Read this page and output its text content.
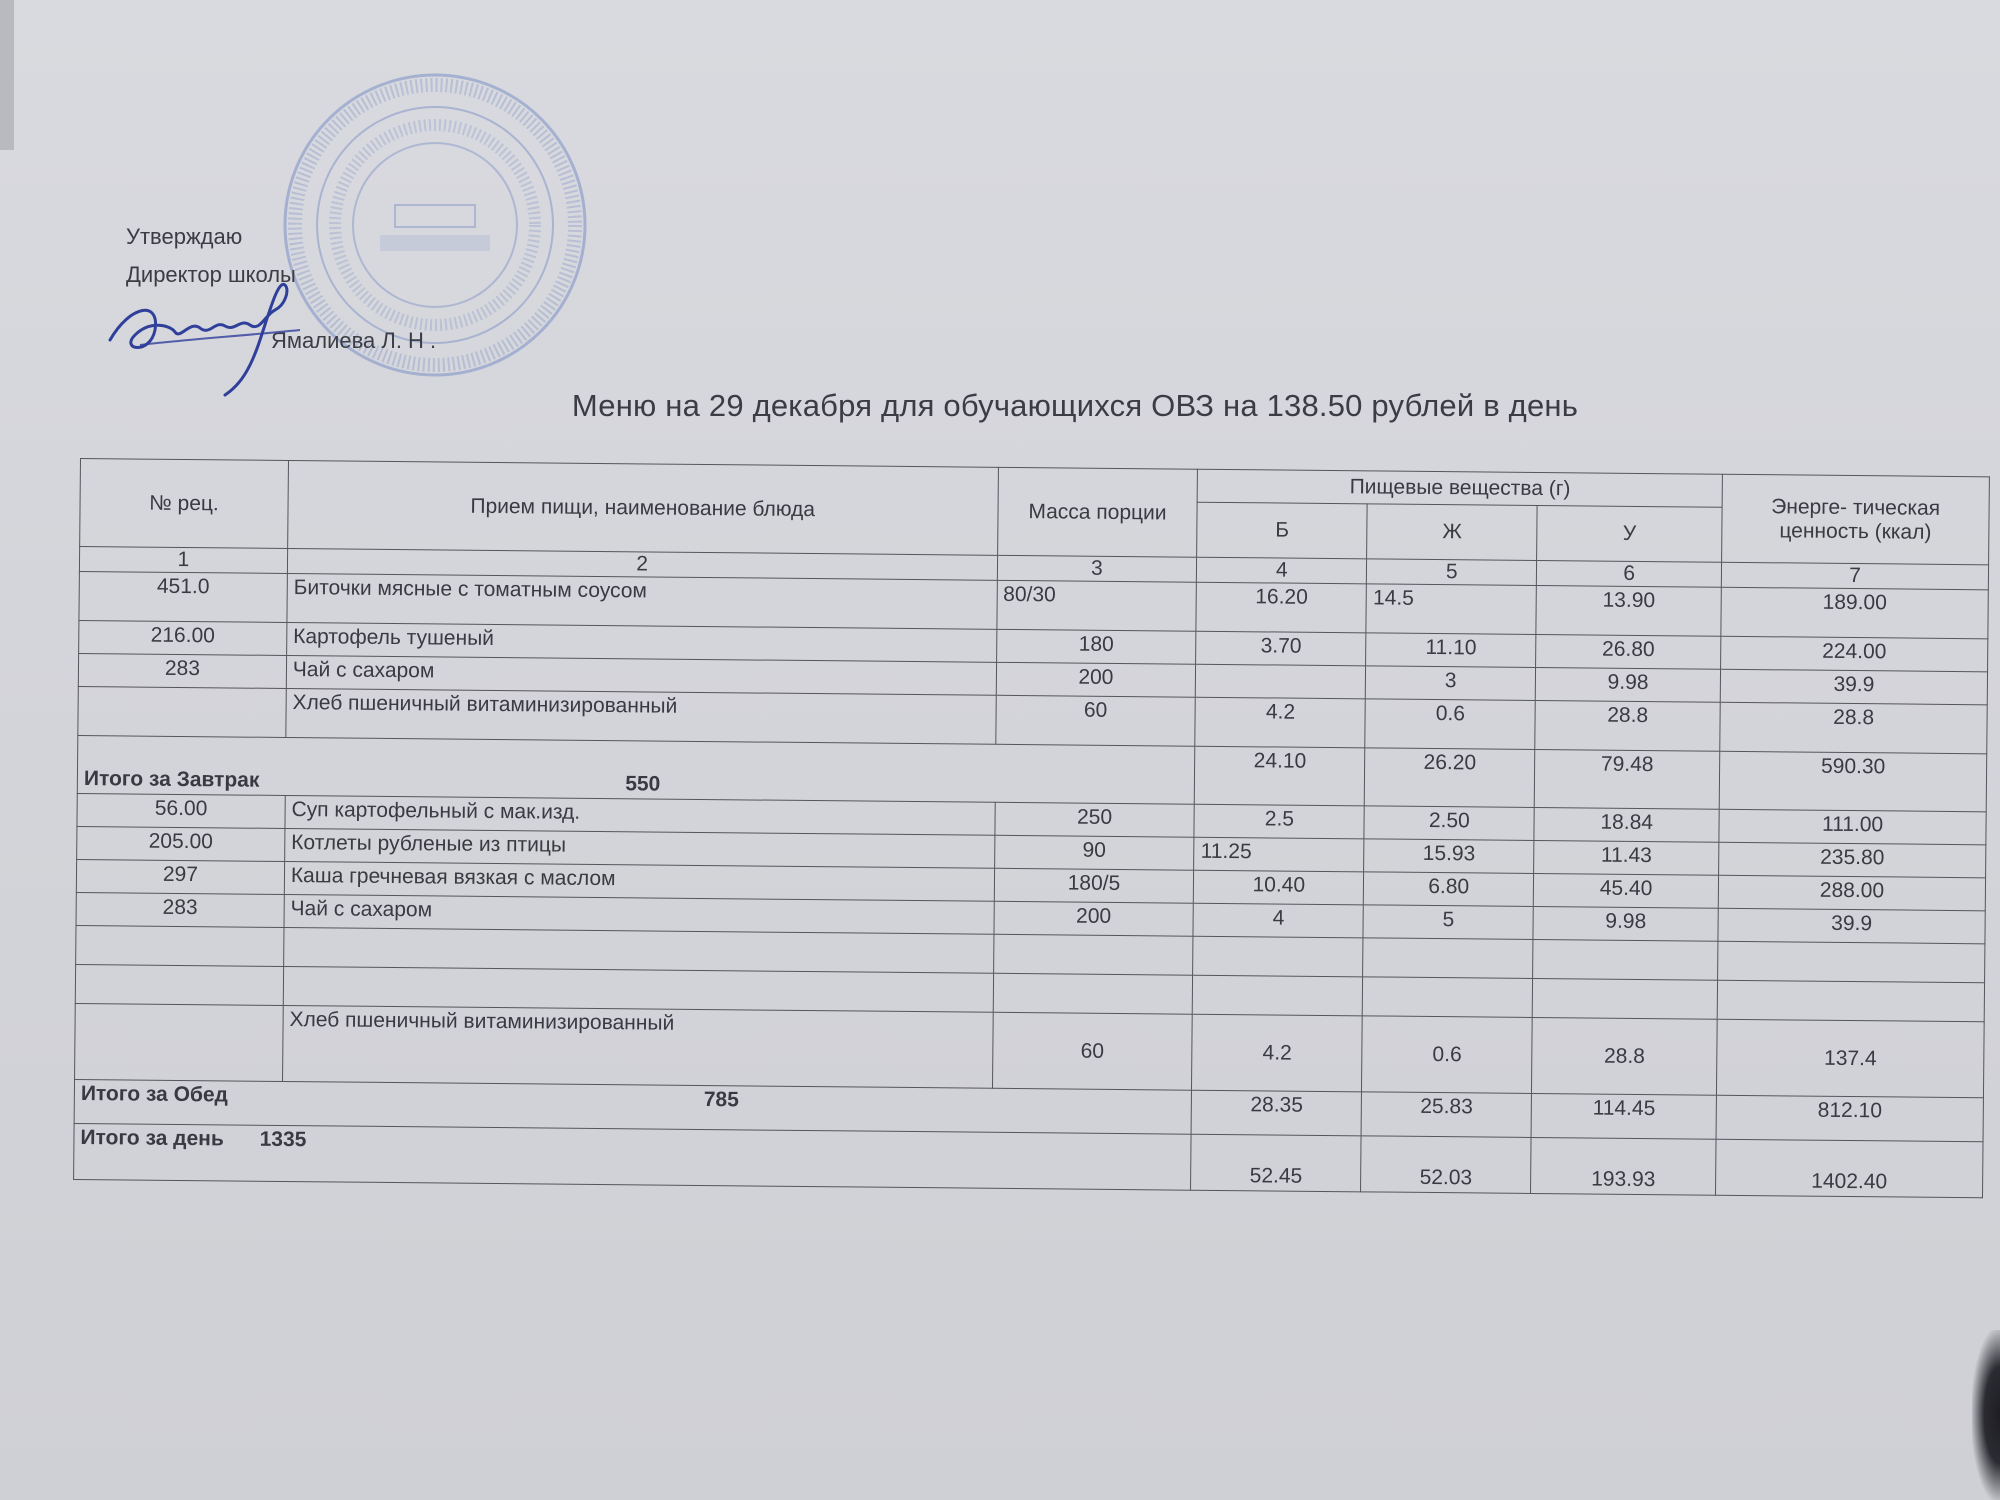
Утверждаю
Директор школы
Ямалиева Л. Н .
Меню на 29 декабря для обучающихся ОВЗ на 138.50 рублей в день
№ рец.	Прием пищи, наименование блюда	Масса порции	Пищевые вещества (г)			Энерге- тическая ценность (ккал)
			Б	Ж	У	
1	2	3	4	5	6	7
451.0	Биточки мясные с томатным соусом	80/30	16.20	14.5	13.90	189.00
216.00	Картофель тушеный	180	3.70	11.10	26.80	224.00
283	Чай с сахаром	200		3	9.98	39.9
	Хлеб пшеничный витаминизированный	60	4.2	0.6	28.8	28.8
Итого за Завтрак 550			24.10	26.20	79.48	590.30
56.00	Суп картофельный с мак.изд.	250	2.5	2.50	18.84	111.00
205.00	Котлеты рубленые из птицы	90	11.25	15.93	11.43	235.80
297	Каша гречневая вязкая с маслом	180/5	10.40	6.80	45.40	288.00
283	Чай с сахаром	200	4	5	9.98	39.9

	Хлеб пшеничный витаминизированный	60	4.2	0.6	28.8	137.4
Итого за Обед 785			28.35	25.83	114.45	812.10
Итого за день 1335			52.45	52.03	193.93	1402.40
